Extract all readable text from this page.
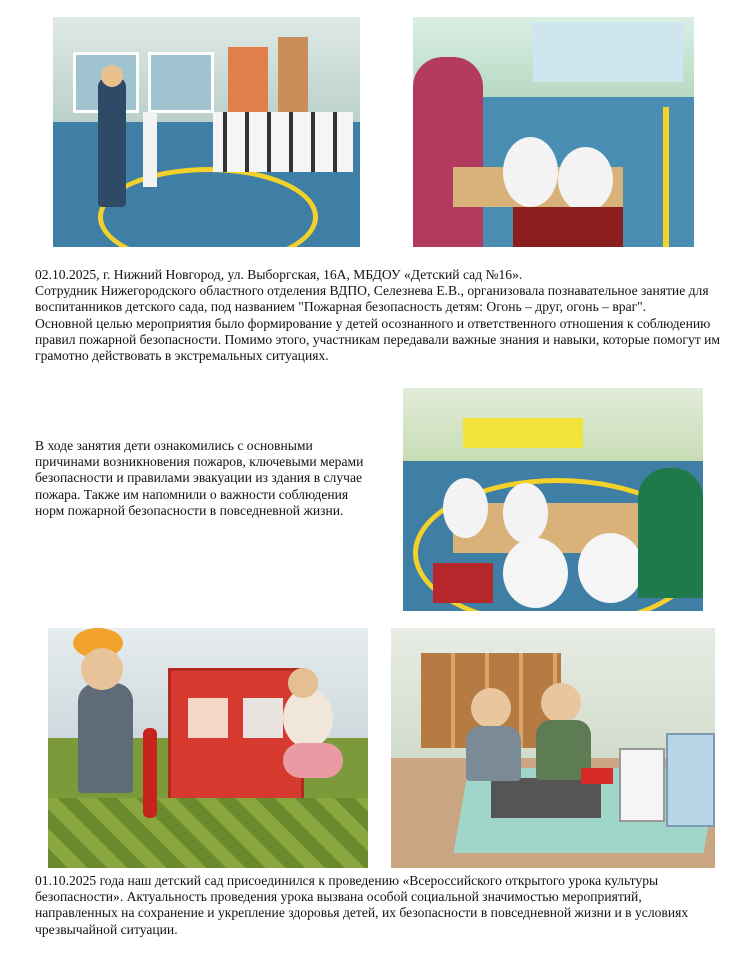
02.10.2025, г. Нижний Новгород, ул. Выборгская, 16А, МБДОУ «Детский сад №16».

Сотрудник Нижегородского областного отделения ВДПО, Селезнева Е.В., организовала познавательное занятие для воспитанников детского сада, под названием "Пожарная безопасность детям: Огонь – друг, огонь – враг".

Основной целью мероприятия было формирование у детей осознанного и ответственного отношения к соблюдению правил пожарной безопасности. Помимо этого, участникам передавали важные знания и навыки, которые помогут им грамотно действовать в экстремальных ситуациях.

В ходе занятия дети ознакомились с основными причинами возникновения пожаров, ключевыми мерами безопасности и правилами эвакуации из здания в случае пожара. Также им напомнили о важности соблюдения норм пожарной безопасности в повседневной жизни.

01.10.2025 года наш детский сад присоединился к проведению «Всероссийского открытого урока культуры безопасности». Актуальность проведения урока вызвана особой социальной значимостью мероприятий, направленных на сохранение и укрепление здоровья детей, их безопасности в повседневной жизни и в условиях чрезвычайной ситуации.
